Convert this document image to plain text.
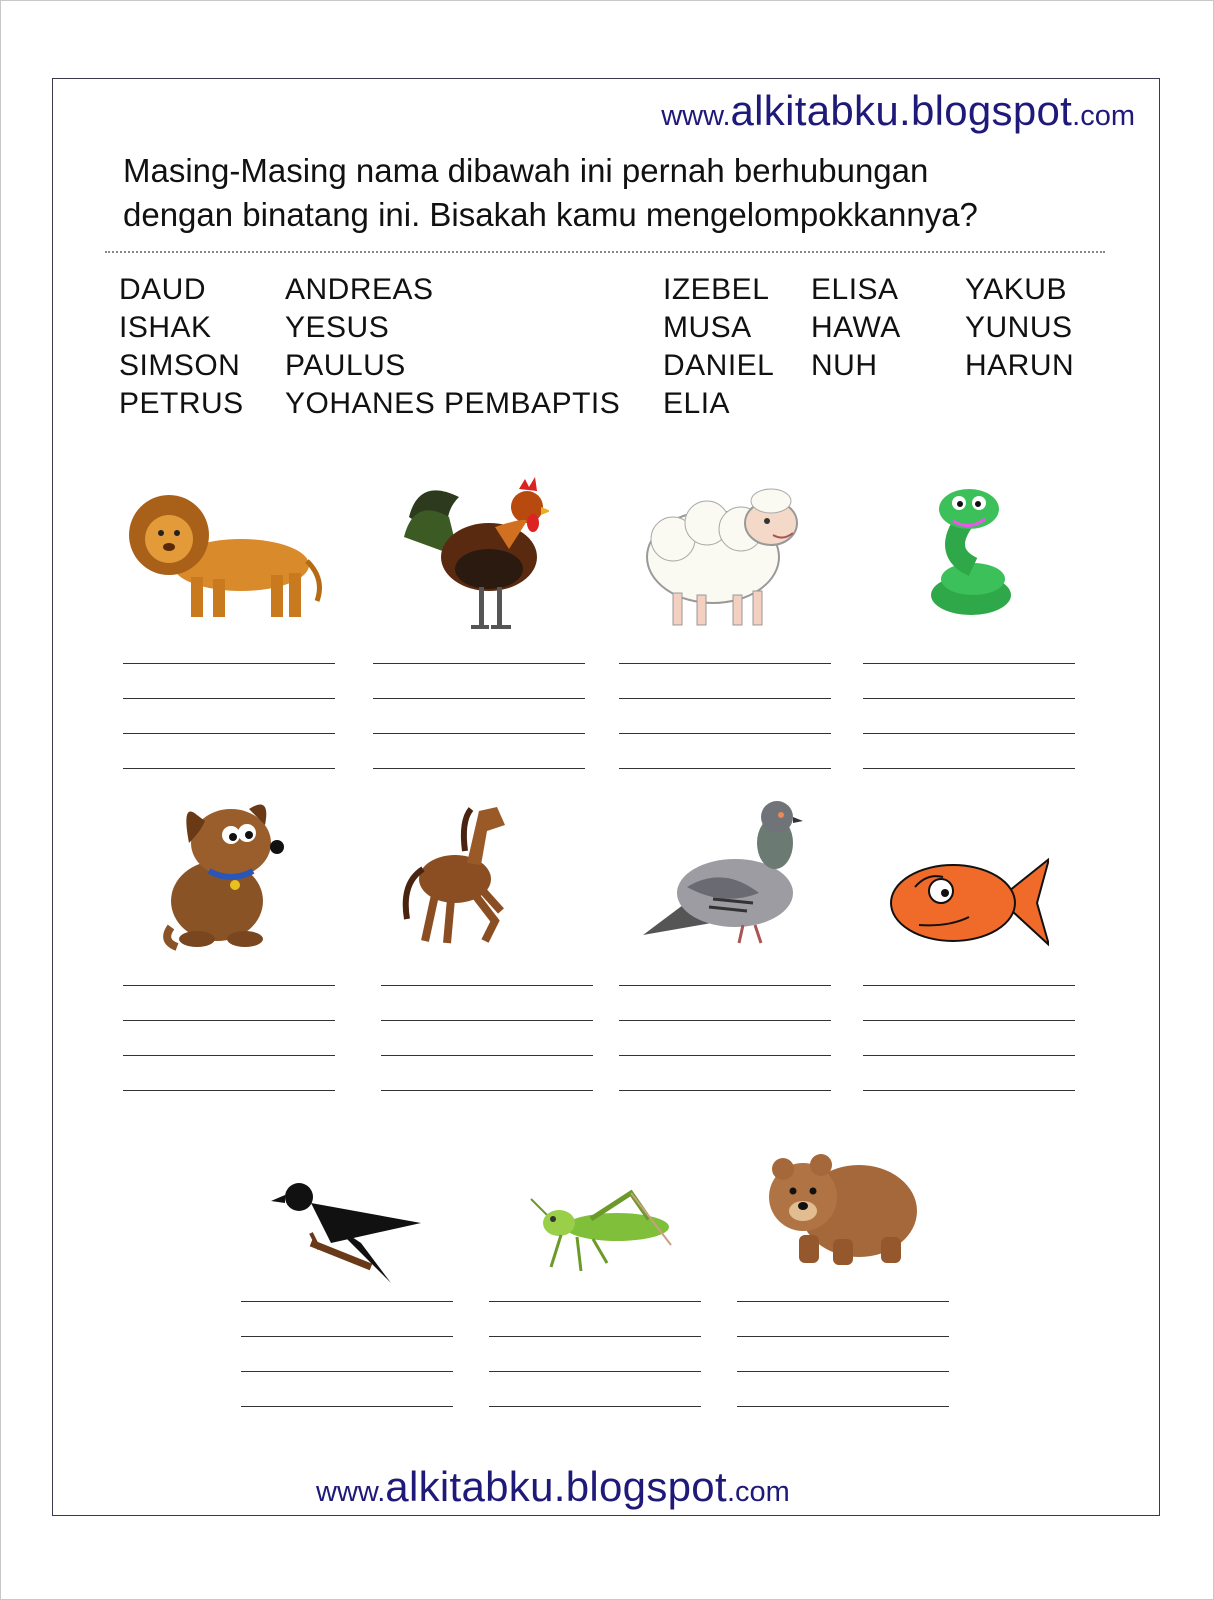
www.alkitabku.blogspot.com
Masing-Masing nama dibawah ini pernah berhubungan
dengan binatang ini. Bisakah kamu mengelompokkannya?
DAUD
ISHAK
SIMSON
PETRUS
ANDREAS
YESUS
PAULUS
YOHANES PEMBAPTIS
IZEBEL
MUSA
DANIEL
ELIA
ELISA
HAWA
NUH
YAKUB
YUNUS
HARUN
www.alkitabku.blogspot.com
